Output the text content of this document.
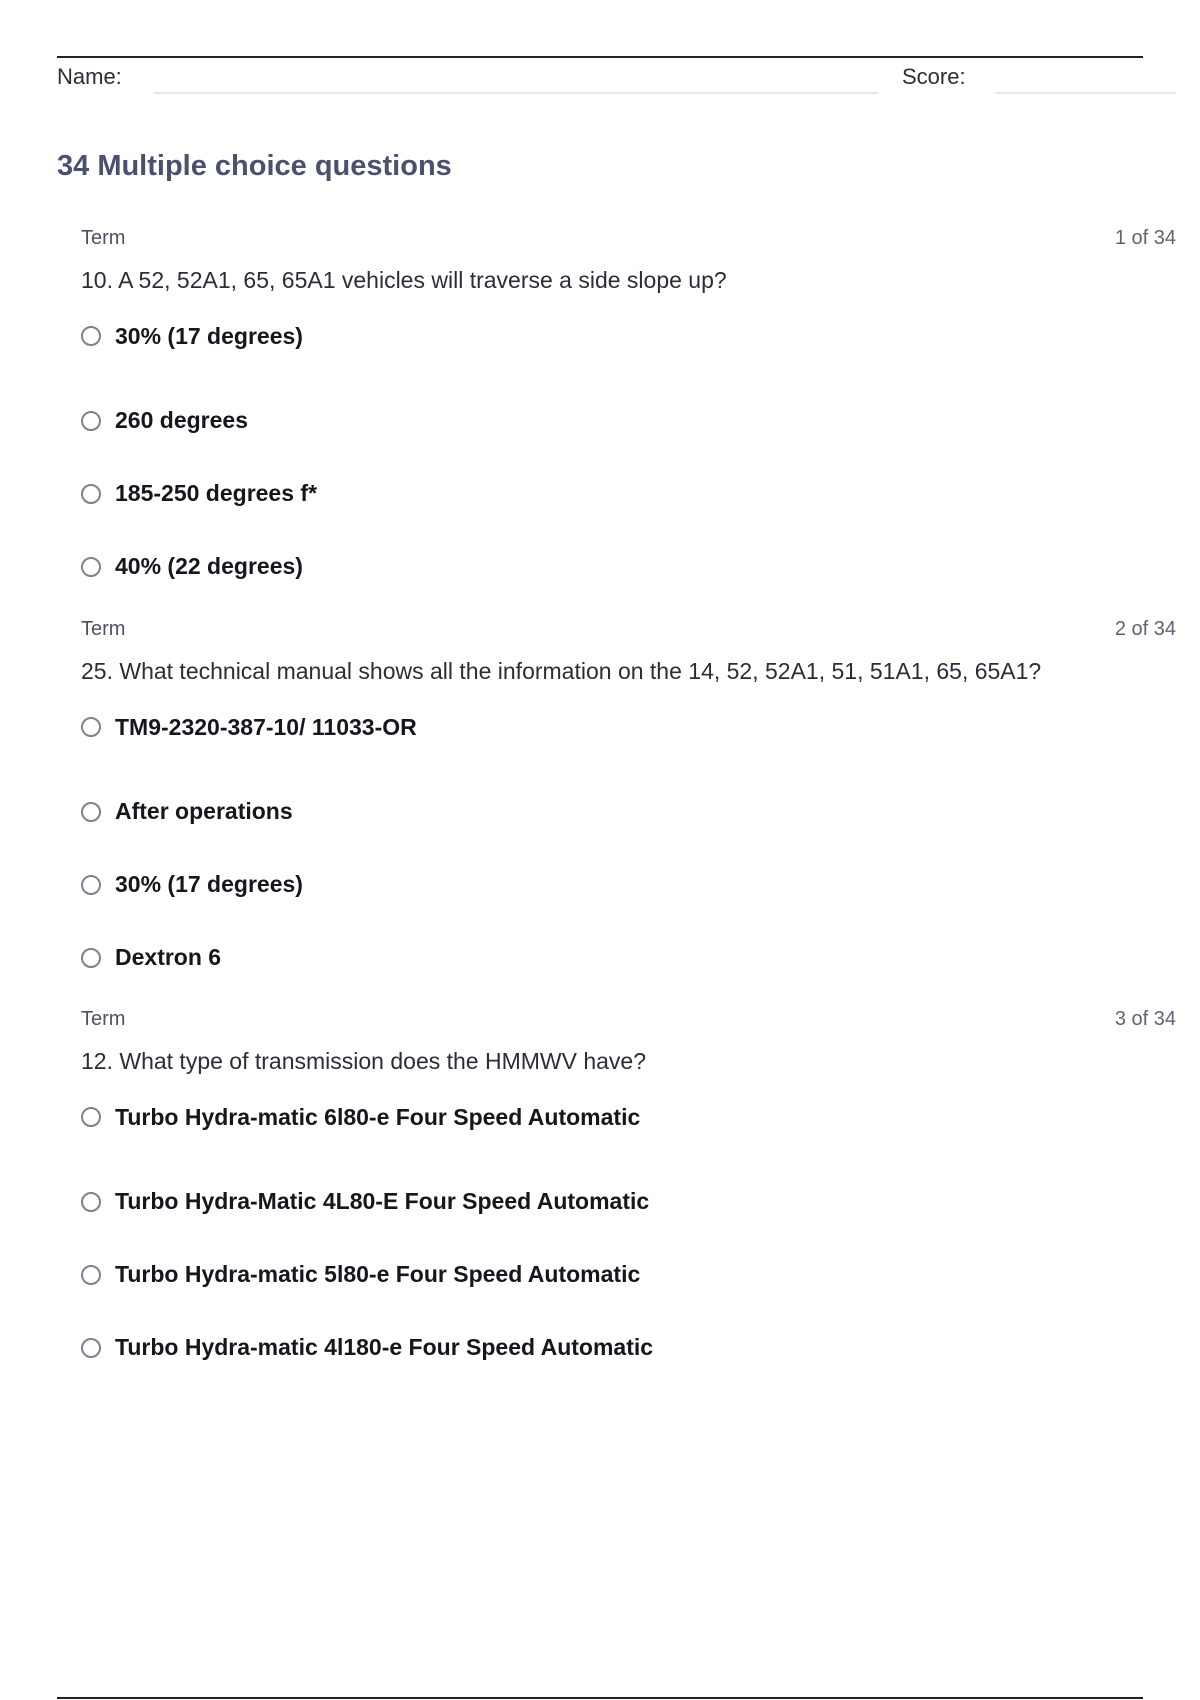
Name:	Score:
34 Multiple choice questions
Term	1 of 34
10. A 52, 52A1, 65, 65A1 vehicles will traverse a side slope up?
30% (17 degrees)
260 degrees
185-250 degrees f*
40% (22 degrees)
Term	2 of 34
25. What technical manual shows all the information on the 14, 52, 52A1, 51, 51A1, 65, 65A1?
TM9-2320-387-10/ 11033-OR
After operations
30% (17 degrees)
Dextron 6
Term	3 of 34
12. What type of transmission does the HMMWV have?
Turbo Hydra-matic 6l80-e Four Speed Automatic
Turbo Hydra-Matic 4L80-E Four Speed Automatic
Turbo Hydra-matic 5l80-e Four Speed Automatic
Turbo Hydra-matic 4l180-e Four Speed Automatic
